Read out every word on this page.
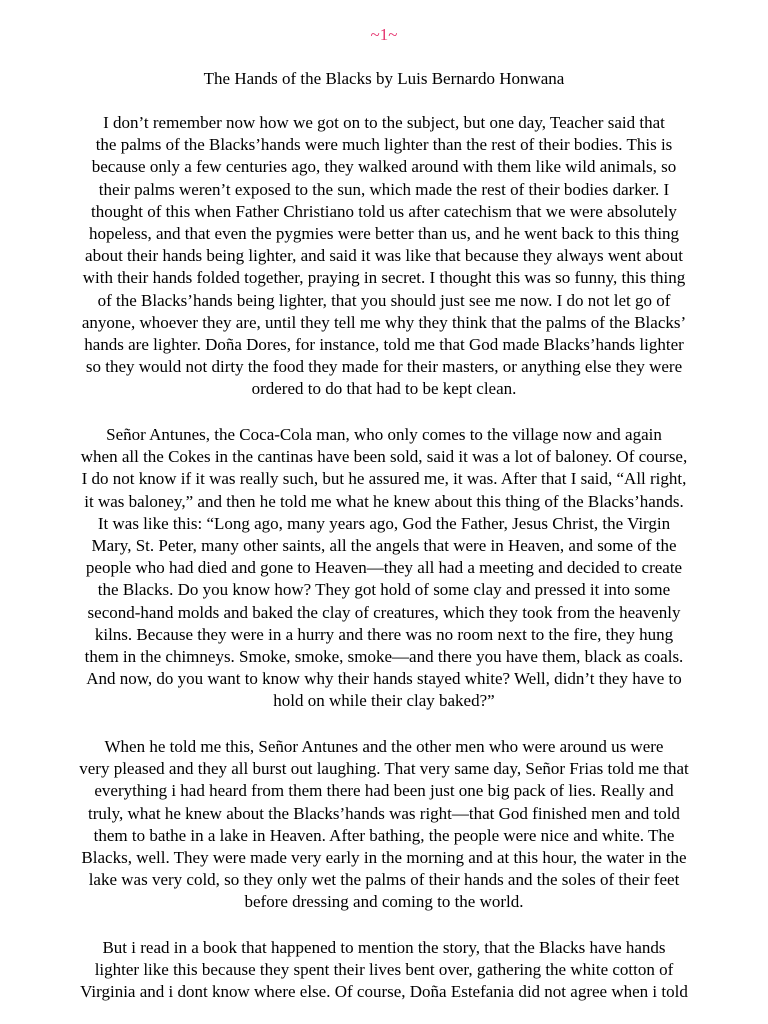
~1~
The Hands of the Blacks by Luis Bernardo Honwana
I don’t remember now how we got on to the subject, but one day, Teacher said that
the palms of the Blacks’hands were much lighter than the rest of their bodies. This is
because only a few centuries ago, they walked around with them like wild animals, so
their palms weren’t exposed to the sun, which made the rest of their bodies darker. I
thought of this when Father Christiano told us after catechism that we were absolutely
hopeless, and that even the pygmies were better than us, and he went back to this thing
about their hands being lighter, and said it was like that because they always went about
with their hands folded together, praying in secret. I thought this was so funny, this thing
of the Blacks’hands being lighter, that you should just see me now. I do not let go of
anyone, whoever they are, until they tell me why they think that the palms of the Blacks’
hands are lighter. Doña Dores, for instance, told me that God made Blacks’hands lighter
so they would not dirty the food they made for their masters, or anything else they were
ordered to do that had to be kept clean.
Señor Antunes, the Coca-Cola man, who only comes to the village now and again
when all the Cokes in the cantinas have been sold, said it was a lot of baloney. Of course,
I do not know if it was really such, but he assured me, it was. After that I said, “All right,
it was baloney,” and then he told me what he knew about this thing of the Blacks’hands.
It was like this: “Long ago, many years ago, God the Father, Jesus Christ, the Virgin
Mary, St. Peter, many other saints, all the angels that were in Heaven, and some of the
people who had died and gone to Heaven—they all had a meeting and decided to create
the Blacks. Do you know how? They got hold of some clay and pressed it into some
second-hand molds and baked the clay of creatures, which they took from the heavenly
kilns. Because they were in a hurry and there was no room next to the fire, they hung
them in the chimneys. Smoke, smoke, smoke—and there you have them, black as coals.
And now, do you want to know why their hands stayed white? Well, didn’t they have to
hold on while their clay baked?”
When he told me this, Señor Antunes and the other men who were around us were
very pleased and they all burst out laughing. That very same day, Señor Frias told me that
everything i had heard from them there had been just one big pack of lies. Really and
truly, what he knew about the Blacks’hands was right—that God finished men and told
them to bathe in a lake in Heaven. After bathing, the people were nice and white. The
Blacks, well. They were made very early in the morning and at this hour, the water in the
lake was very cold, so they only wet the palms of their hands and the soles of their feet
before dressing and coming to the world.
But i read in a book that happened to mention the story, that the Blacks have hands
lighter like this because they spent their lives bent over, gathering the white cotton of
Virginia and i dont know where else. Of course, Doña Estefania did not agree when i told
